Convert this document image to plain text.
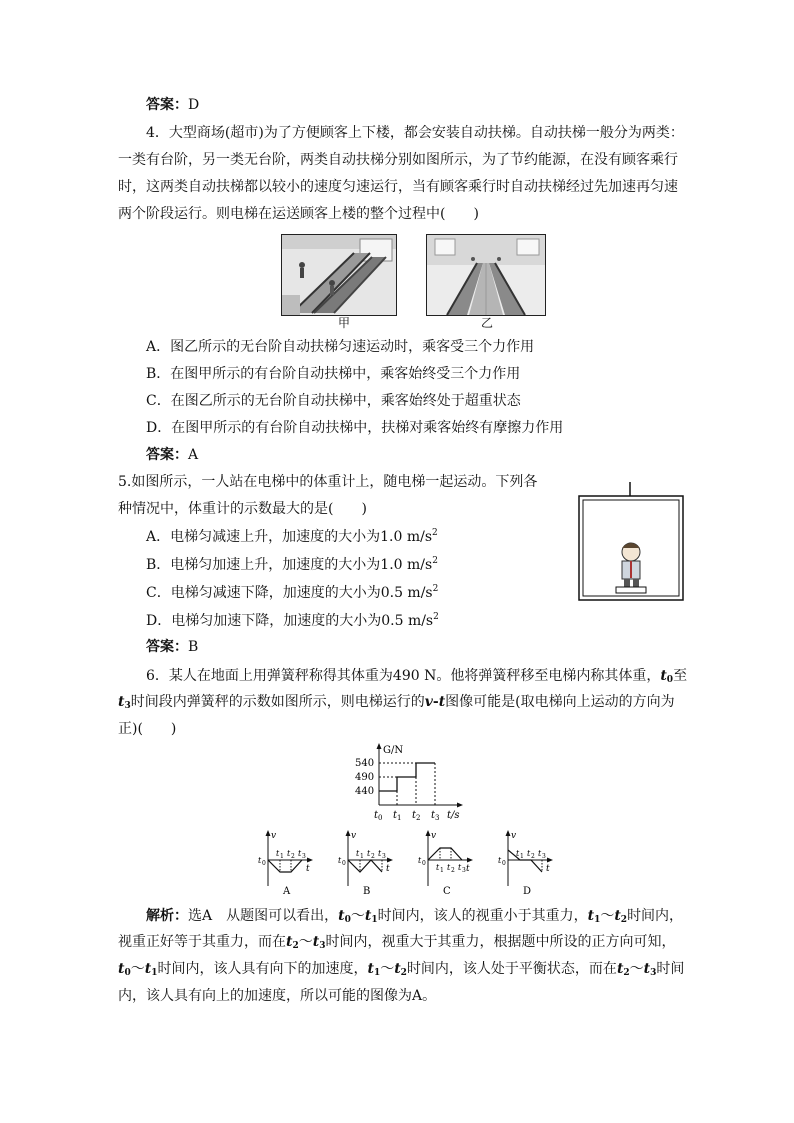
答案：D
4．大型商场(超市)为了方便顾客上下楼，都会安装自动扶梯。自动扶梯一般分为两类：
一类有台阶，另一类无台阶，两类自动扶梯分别如图所示，为了节约能源，在没有顾客乘行
时，这两类自动扶梯都以较小的速度匀速运行，当有顾客乘行时自动扶梯经过先加速再匀速
两个阶段运行。则电梯在运送顾客上楼的整个过程中(　　)
甲	乙
A．图乙所示的无台阶自动扶梯匀速运动时，乘客受三个力作用
B．在图甲所示的有台阶自动扶梯中，乘客始终受三个力作用
C．在图乙所示的无台阶自动扶梯中，乘客始终处于超重状态
D．在图甲所示的有台阶自动扶梯中，扶梯对乘客始终有摩擦力作用
答案：A
5.如图所示，一人站在电梯中的体重计上，随电梯一起运动。下列各
种情况中，体重计的示数最大的是(　　)
A．电梯匀减速上升，加速度的大小为1.0 $m/s^2$
B．电梯匀加速上升，加速度的大小为1.0 $m/s^2$
C．电梯匀减速下降，加速度的大小为0.5 $m/s^2$
D．电梯匀加速下降，加速度的大小为0.5 $m/s^2$
答案：B
6．某人在地面上用弹簧秤称得其体重为490 N。他将弹簧秤移至电梯内称其体重，$t_0$至
$t_3$时间段内弹簧秤的示数如图所示，则电梯运行的v-t图像可能是(取电梯向上运动的方向为
正)(　　)
G/N
540
490
440
t 0 t 1 t 2 t 3 t/s
v
t
t 0
t 1 t 2 t 3
A
v
t
t 0
t 1 t 2 t 3
B
v
t
t 0 t 1 t 2 t 3
C
v
t
t 0
t 1 t 2 t 3
D
解析：选A　从题图可以看出，$t_0\sim t_1$时间内，该人的视重小于其重力，$t_1\sim t_2$时间内，
视重正好等于其重力，而在$t_2\sim t_3$时间内，视重大于其重力，根据题中所设的正方向可知，
$t_0\sim t_1$时间内，该人具有向下的加速度，$t_1\sim t_2$时间内，该人处于平衡状态，而在$t_2\sim t_3$时间
内，该人具有向上的加速度，所以可能的图像为A。
